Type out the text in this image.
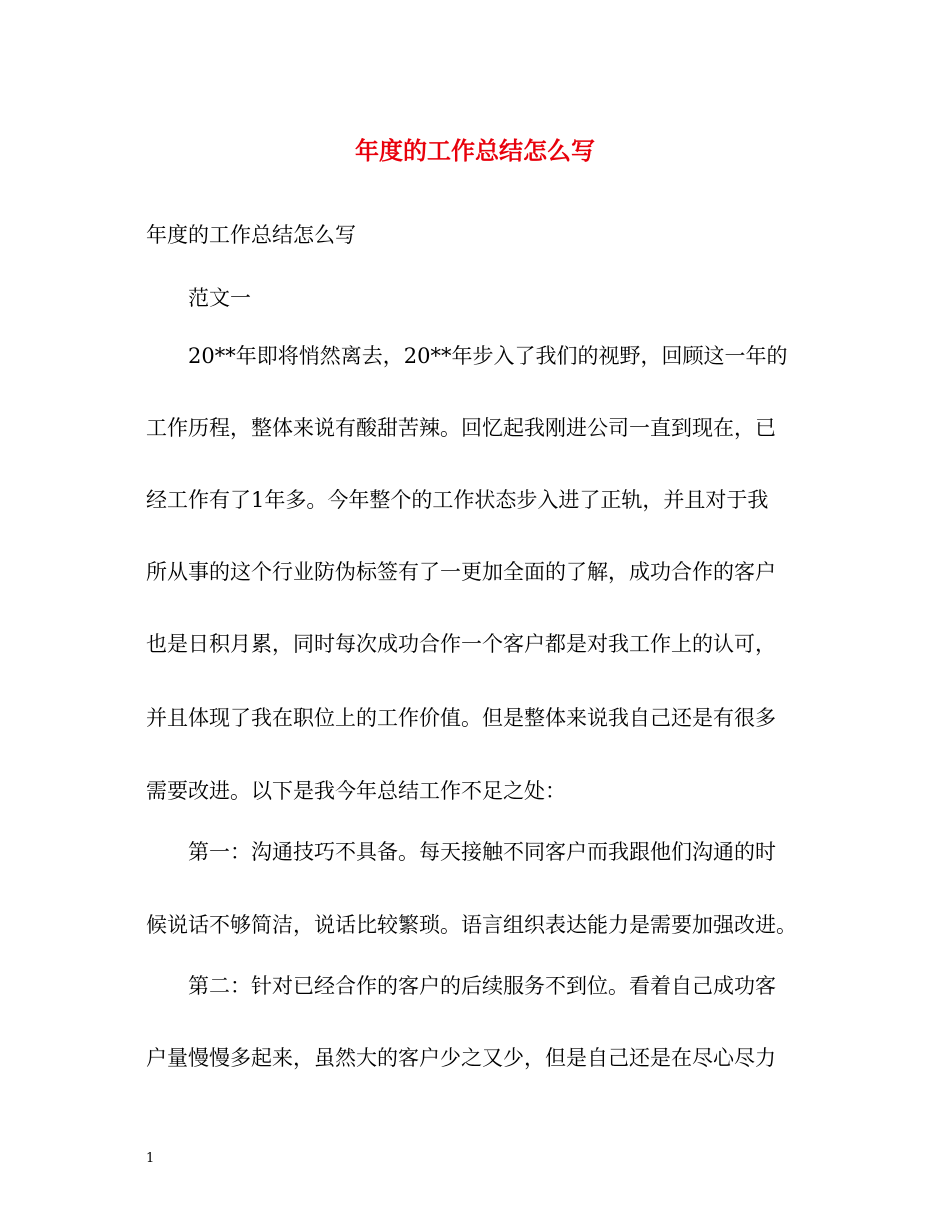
年度的工作总结怎么写
年度的工作总结怎么写
范文一
20**年即将悄然离去，20**年步入了我们的视野，回顾这一年的
工作历程，整体来说有酸甜苦辣。回忆起我刚进公司一直到现在，已
经工作有了1年多。今年整个的工作状态步入进了正轨，并且对于我
所从事的这个行业防伪标签有了一更加全面的了解，成功合作的客户
也是日积月累，同时每次成功合作一个客户都是对我工作上的认可，
并且体现了我在职位上的工作价值。但是整体来说我自己还是有很多
需要改进。以下是我今年总结工作不足之处：
第一：沟通技巧不具备。每天接触不同客户而我跟他们沟通的时
候说话不够简洁，说话比较繁琐。语言组织表达能力是需要加强改进。
第二：针对已经合作的客户的后续服务不到位。看着自己成功客
户量慢慢多起来，虽然大的客户少之又少，但是自己还是在尽心尽力
1
